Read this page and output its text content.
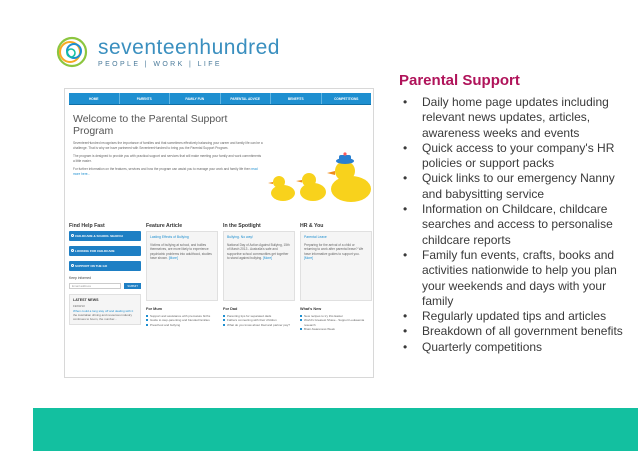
seventeenhundred
PEOPLE | WORK | LIFE
HOME	PARENTS	FAMILY FUN	PARENTAL ADVICE	BENEFITS	COMPETITIONS
Welcome to the Parental Support Program

SeventeenHundred recognises the importance of families and that sometimes effectively balancing your career and family life can be a challenge. That is why we have partnered with SeventeenHundred to bring you the Parental Support Program.

The program is designed to provide you with practical support and services that will make meeting your family and work commitments a little easier.

For further information on the features, services and how the program can assist you to manage your work and family life then read more here...

Find Help Fast
CHILDCARE & SCHOOL SEARCH
LOOKING FOR CHILDCARE
SUPPORT ON THE GO
Keep informed
Email address	SUBMIT
LATEST NEWS
19/03/13
When could a long stay off and dealing with it
the Australian driving and resources industry continues to boom, the number...
Feature Article
Lasting Effects of Bullying
Victims of bullying at school, and bullies themselves, are more likely to experience psychiatric problems into adulthood, studies have shown. [More]
For Mum
Support and assistance with premature births
Guide to step-parenting and blended families
Preschool and bullying
In the Spotlight
Bullying. No way!
National Day of Action Against Bullying, 15th of March 2013 - Australia's safe and supportive school communities get together to stand against bullying. [More]
For Dad
Parenting tips for separated dads
Fathers connecting with their children
What do you know about Dad and partner pay?
HR & You
Parental Leave
Preparing for the arrival of a child or returning to work after parental leave? We have informative guides to support you. [More]
What's New
New recipes to try this Easter
World's Greatest Shave - Support Leukaemia research
Brain Awareness Week
Parental Support
• Daily home page updates including relevant news updates, articles, awareness weeks and events
• Quick access to your company's HR policies or support packs
• Quick links to our emergency Nanny and babysitting service
• Information on Childcare, childcare searches and access to personalise childcare reports
• Family fun events, crafts, books and activities nationwide to help you plan your weekends and days with your family
• Regularly updated tips and articles
• Breakdown of all government benefits
• Quarterly competitions
